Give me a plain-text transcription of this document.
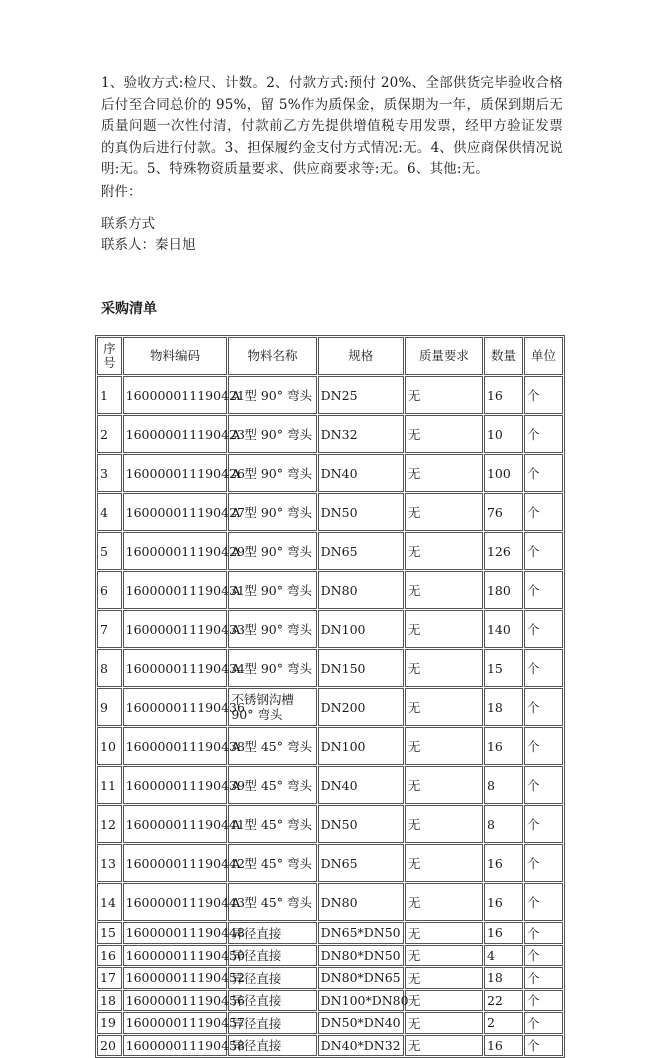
1、验收方式:检尺、计数。2、付款方式:预付 20%、全部供货完毕验收合格后付至合同总价的 95%，留 5%作为质保金，质保期为一年，质保到期后无质量问题一次性付清，付款前乙方先提供增值税专用发票，经甲方验证发票的真伪后进行付款。3、担保履约金支付方式情况:无。4、供应商保供情况说明:无。5、特殊物资质量要求、供应商要求等:无。6、其他:无。

附件：

联系方式
联系人：秦日旭
采购清单
序号	物料编码	物料名称	规格	质量要求	数量	单位
1	160000011190421	A 型 90° 弯头	DN25	无	16	个
2	160000011190423	A 型 90° 弯头	DN32	无	10	个
3	160000011190426	A 型 90° 弯头	DN40	无	100	个
4	160000011190427	A 型 90° 弯头	DN50	无	76	个
5	160000011190429	A 型 90° 弯头	DN65	无	126	个
6	160000011190431	A 型 90° 弯头	DN80	无	180	个
7	160000011190433	A 型 90° 弯头	DN100	无	140	个
8	160000011190434	A 型 90° 弯头	DN150	无	15	个
9	160000011190436	不锈钢沟槽 90° 弯头	DN200	无	18	个
10	160000011190438	A 型 45° 弯头	DN100	无	16	个
11	160000011190439	A 型 45° 弯头	DN40	无	8	个
12	160000011190441	A 型 45° 弯头	DN50	无	8	个
13	160000011190442	A 型 45° 弯头	DN65	无	16	个
14	160000011190443	A 型 45° 弯头	DN80	无	16	个
15	160000011190448	异径直接	DN65*DN50	无	16	个
16	160000011190450	异径直接	DN80*DN50	无	4	个
17	160000011190452	异径直接	DN80*DN65	无	18	个
18	160000011190456	异径直接	DN100*DN80	无	22	个
19	160000011190457	异径直接	DN50*DN40	无	2	个
20	160000011190458	异径直接	DN40*DN32	无	16	个
